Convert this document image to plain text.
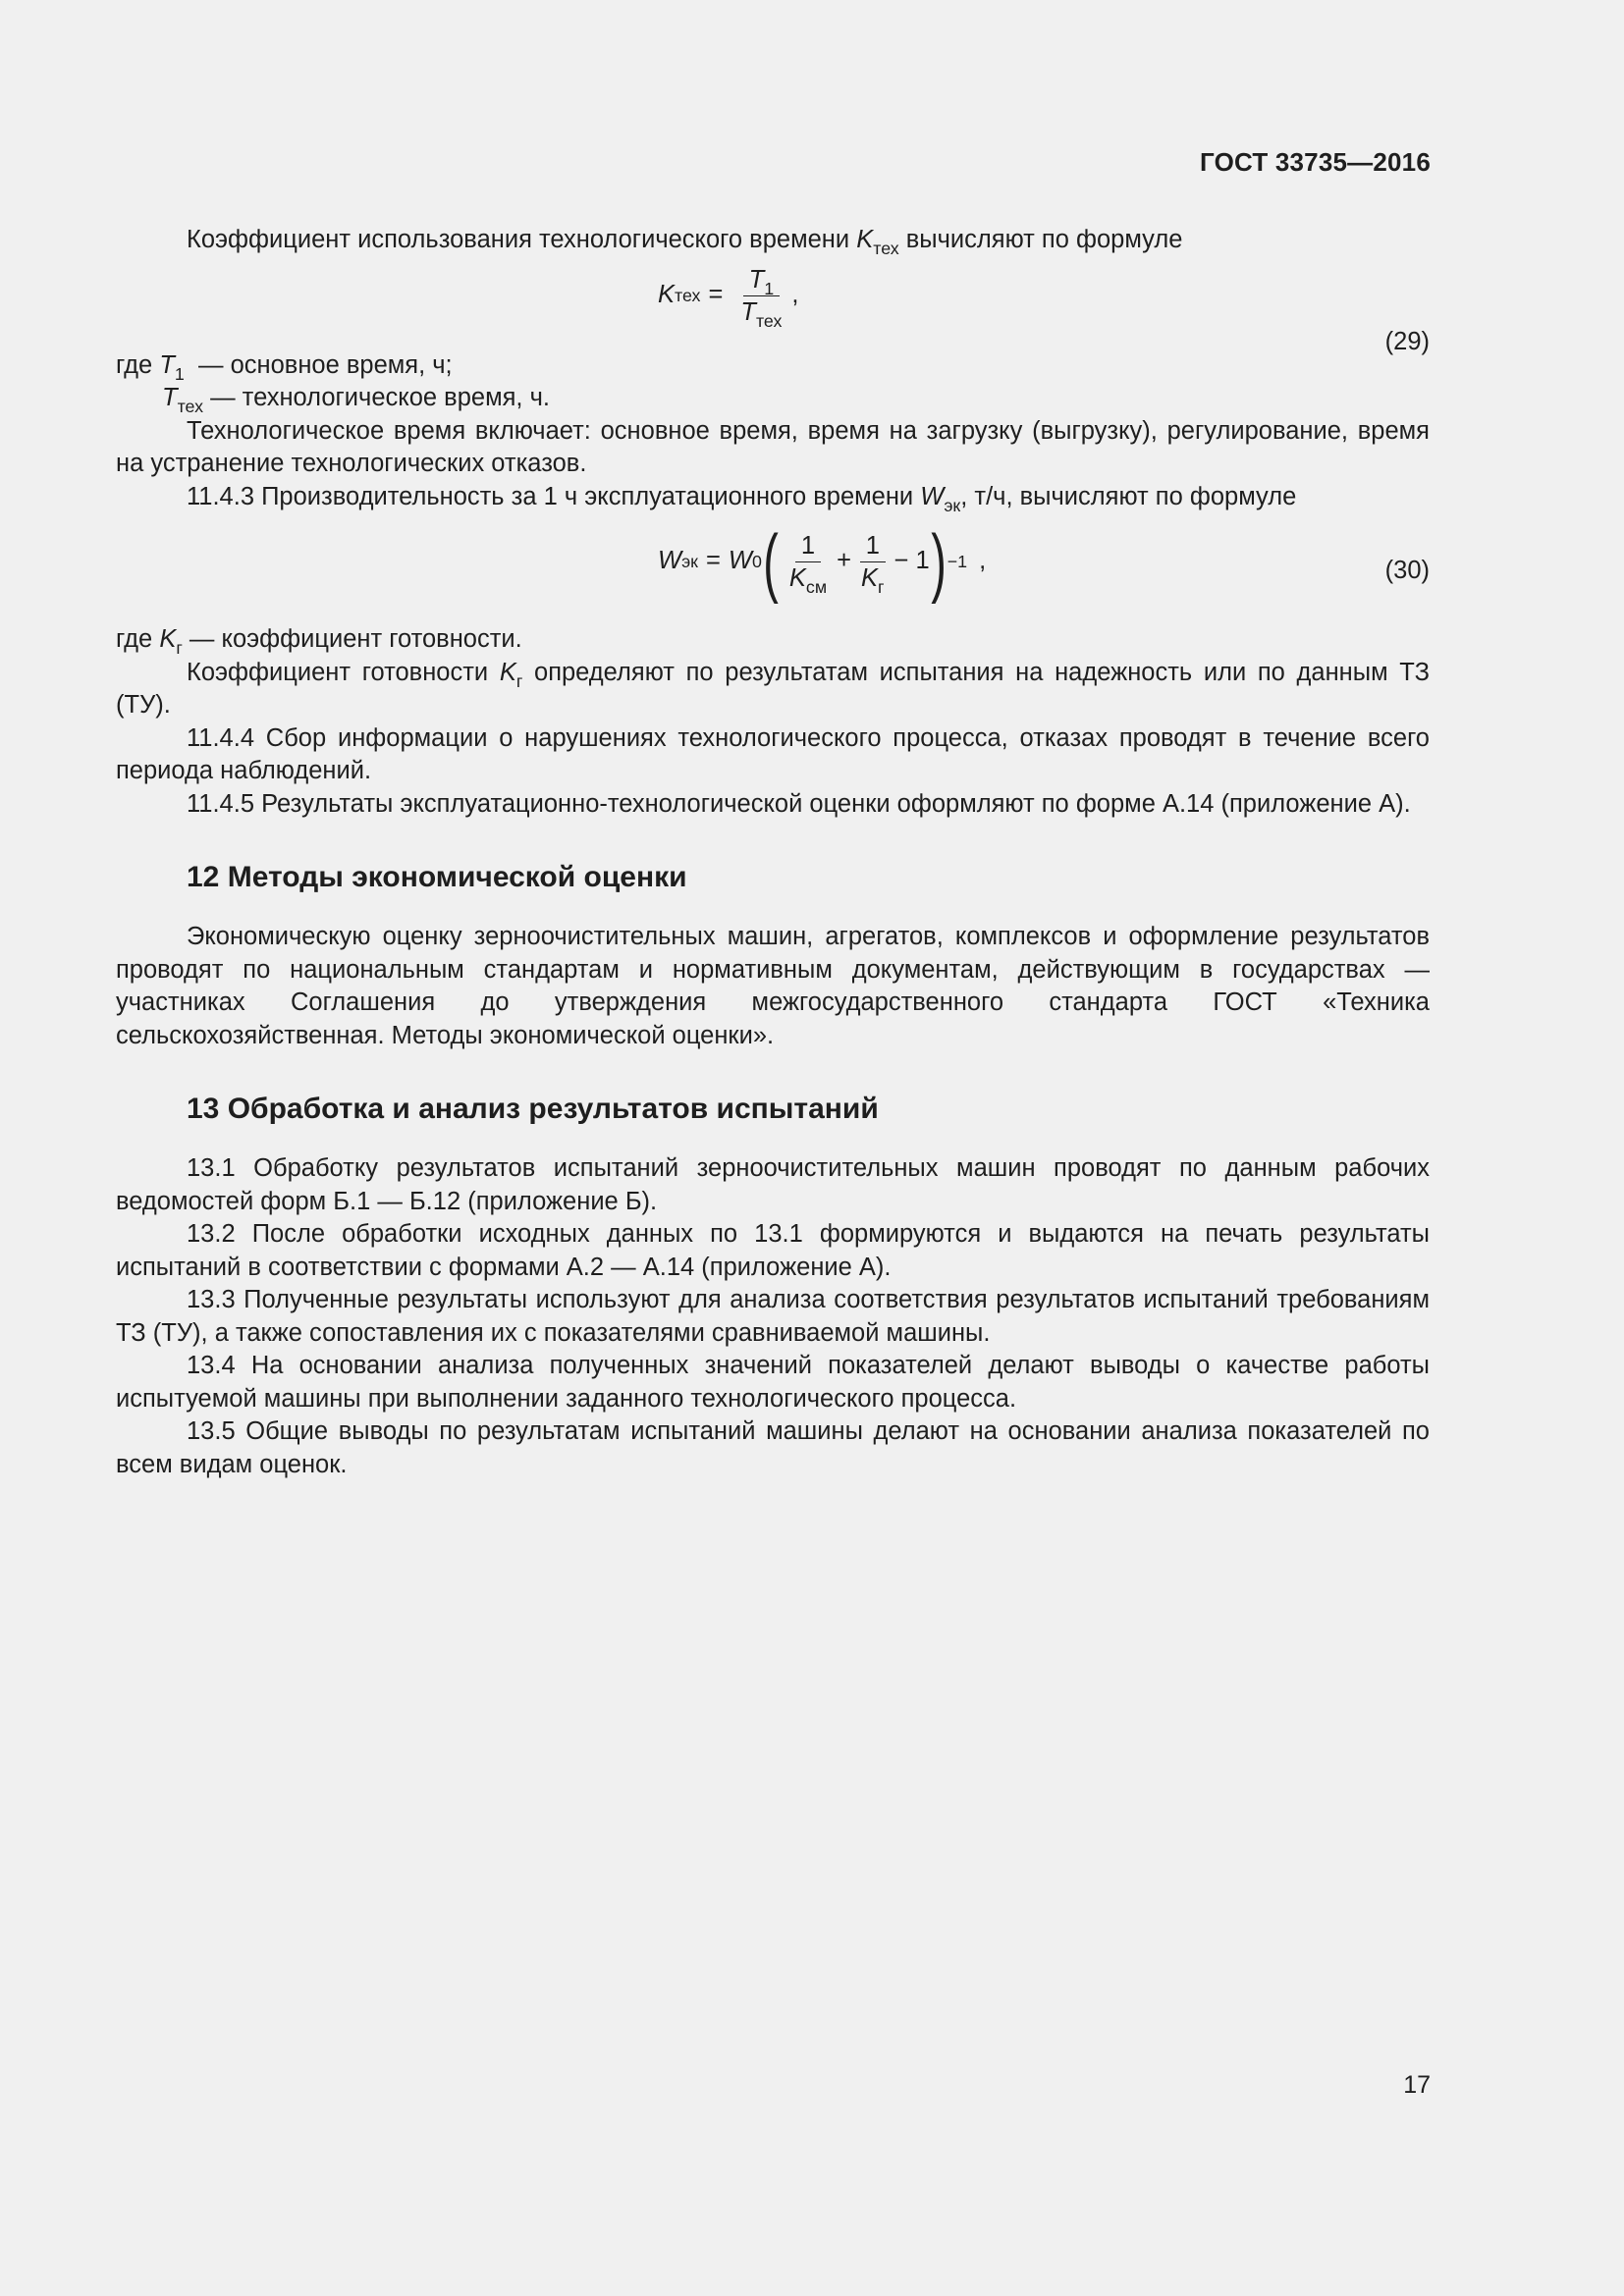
ГОСТ 33735—2016

Коэффициент использования технологического времени $K_{тех}$ вычисляют по формуле

K тех = $\frac{T_1}{T_{тех}}$ ,
(29)

где $T_1$  — основное время, ч;

$T_{тех}$ — технологическое время, ч.

Технологическое время включает: основное время, время на загрузку (выгрузку), регулирование, время на устранение технологических отказов.

11.4.3 Производительность за 1 ч эксплуатационного времени $W_{эк}$, т/ч, вычисляют по формуле

W эк = W 0 ( $\frac{1}{K_{см}} + \frac{1}{K_г} - 1$ ) −1 ,	(30)

где $K_г$ — коэффициент готовности.

Коэффициент готовности $K_г$ определяют по результатам испытания на надежность или по данным ТЗ (ТУ).

11.4.4 Сбор информации о нарушениях технологического процесса, отказах проводят в течение всего периода наблюдений.

11.4.5 Результаты эксплуатационно-технологической оценки оформляют по форме А.14 (приложение А).

12 Методы экономической оценки

Экономическую оценку зерноочистительных машин, агрегатов, комплексов и оформление результатов проводят по национальным стандартам и нормативным документам, действующим в государствах — участниках Соглашения до утверждения межгосударственного стандарта ГОСТ «Техника сельскохозяйственная. Методы экономической оценки».

13 Обработка и анализ результатов испытаний

13.1 Обработку результатов испытаний зерноочистительных машин проводят по данным рабочих ведомостей форм Б.1 — Б.12 (приложение Б).

13.2 После обработки исходных данных по 13.1 формируются и выдаются на печать результаты испытаний в соответствии с формами А.2 — А.14 (приложение А).

13.3 Полученные результаты используют для анализа соответствия результатов испытаний требованиям ТЗ (ТУ), а также сопоставления их с показателями сравниваемой машины.

13.4 На основании анализа полученных значений показателей делают выводы о качестве работы испытуемой машины при выполнении заданного технологического процесса.

13.5 Общие выводы по результатам испытаний машины делают на основании анализа показателей по всем видам оценок.

17
